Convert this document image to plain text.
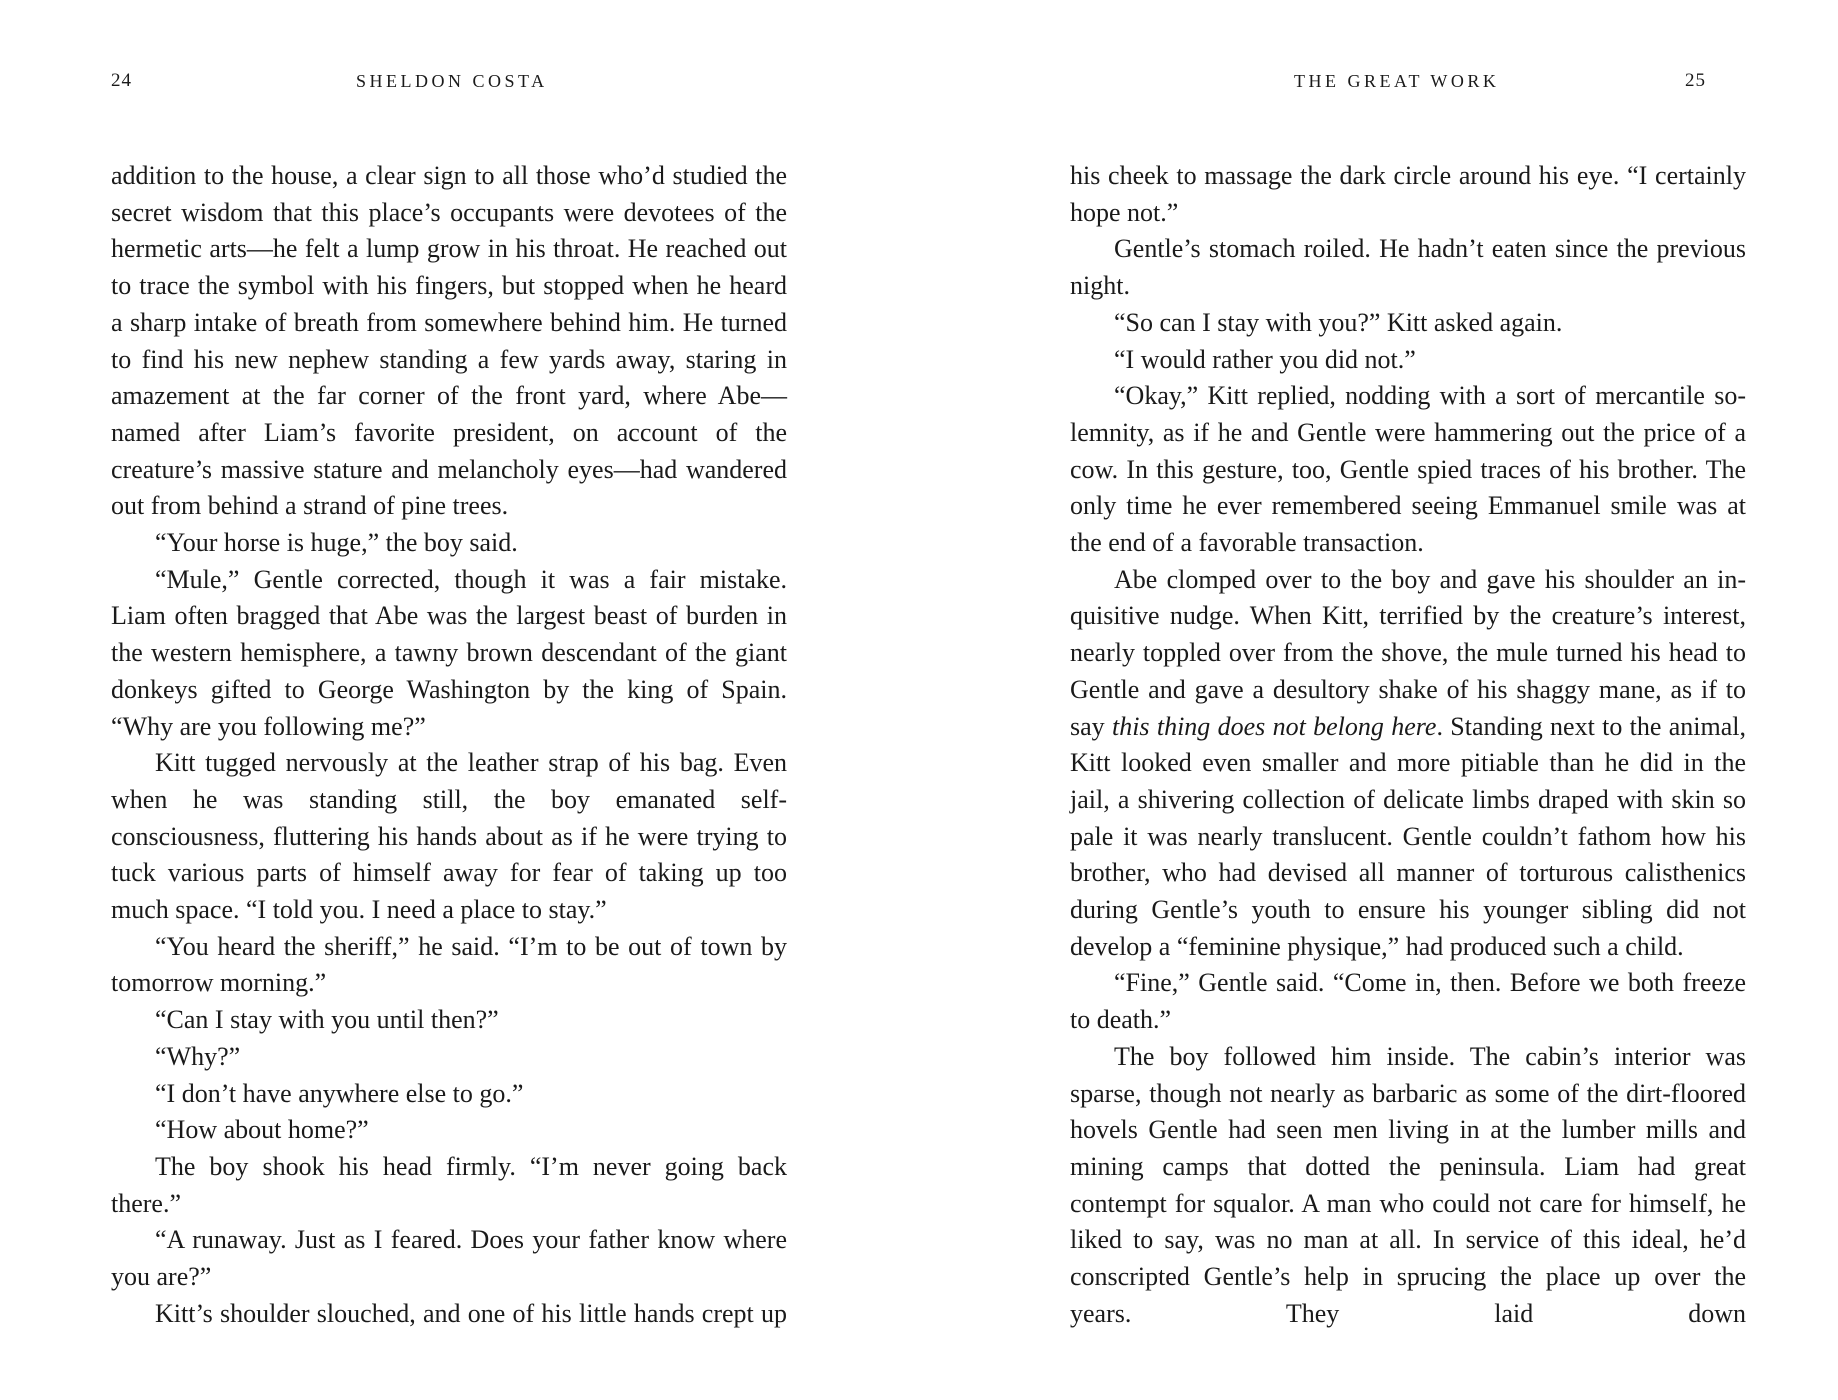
24	SHELDON COSTA

addition to the house, a clear sign to all those who’d studied the secret wisdom that this place’s occupants were devotees of the hermetic arts—he felt a lump grow in his throat. He reached out to trace the symbol with his fingers, but stopped when he heard a sharp intake of breath from somewhere behind him. He turned to find his new nephew standing a few yards away, staring in amazement at the far corner of the front yard, where Abe—named after Liam’s favorite president, on account of the creature’s massive stature and melancholy eyes—had wandered out from behind a strand of pine trees.

“Your horse is huge,” the boy said.

“Mule,” Gentle corrected, though it was a fair mistake. Liam often bragged that Abe was the largest beast of burden in the western hemisphere, a tawny brown descendant of the giant donkeys gifted to George Washington by the king of Spain. “Why are you following me?”

Kitt tugged nervously at the leather strap of his bag. Even when he was standing still, the boy emanated self-consciousness, fluttering his hands about as if he were trying to tuck various parts of himself away for fear of taking up too much space. “I told you. I need a place to stay.”

“You heard the sheriff,” he said. “I’m to be out of town by tomorrow morning.”

“Can I stay with you until then?”

“Why?”

“I don’t have anywhere else to go.”

“How about home?”

The boy shook his head firmly. “I’m never going back there.”

“A runaway. Just as I feared. Does your father know where you are?”

Kitt’s shoulder slouched, and one of his little hands crept up

THE GREAT WORK	25

his cheek to massage the dark circle around his eye. “I certainly hope not.”

Gentle’s stomach roiled. He hadn’t eaten since the previous night.

“So can I stay with you?” Kitt asked again.

“I would rather you did not.”

“Okay,” Kitt replied, nodding with a sort of mercantile solemnity, as if he and Gentle were hammering out the price of a cow. In this gesture, too, Gentle spied traces of his brother. The only time he ever remembered seeing Emmanuel smile was at the end of a favorable transaction.

Abe clomped over to the boy and gave his shoulder an inquisitive nudge. When Kitt, terrified by the creature’s interest, nearly toppled over from the shove, the mule turned his head to Gentle and gave a desultory shake of his shaggy mane, as if to say this thing does not belong here. Standing next to the animal, Kitt looked even smaller and more pitiable than he did in the jail, a shivering collection of delicate limbs draped with skin so pale it was nearly translucent. Gentle couldn’t fathom how his brother, who had devised all manner of torturous calisthenics during Gentle’s youth to ensure his younger sibling did not develop a “feminine physique,” had produced such a child.

“Fine,” Gentle said. “Come in, then. Before we both freeze to death.”

The boy followed him inside. The cabin’s interior was sparse, though not nearly as barbaric as some of the dirt-floored hovels Gentle had seen men living in at the lumber mills and mining camps that dotted the peninsula. Liam had great contempt for squalor. A man who could not care for himself, he liked to say, was no man at all. In service of this ideal, he’d conscripted Gentle’s help in sprucing the place up over the years. They laid down
